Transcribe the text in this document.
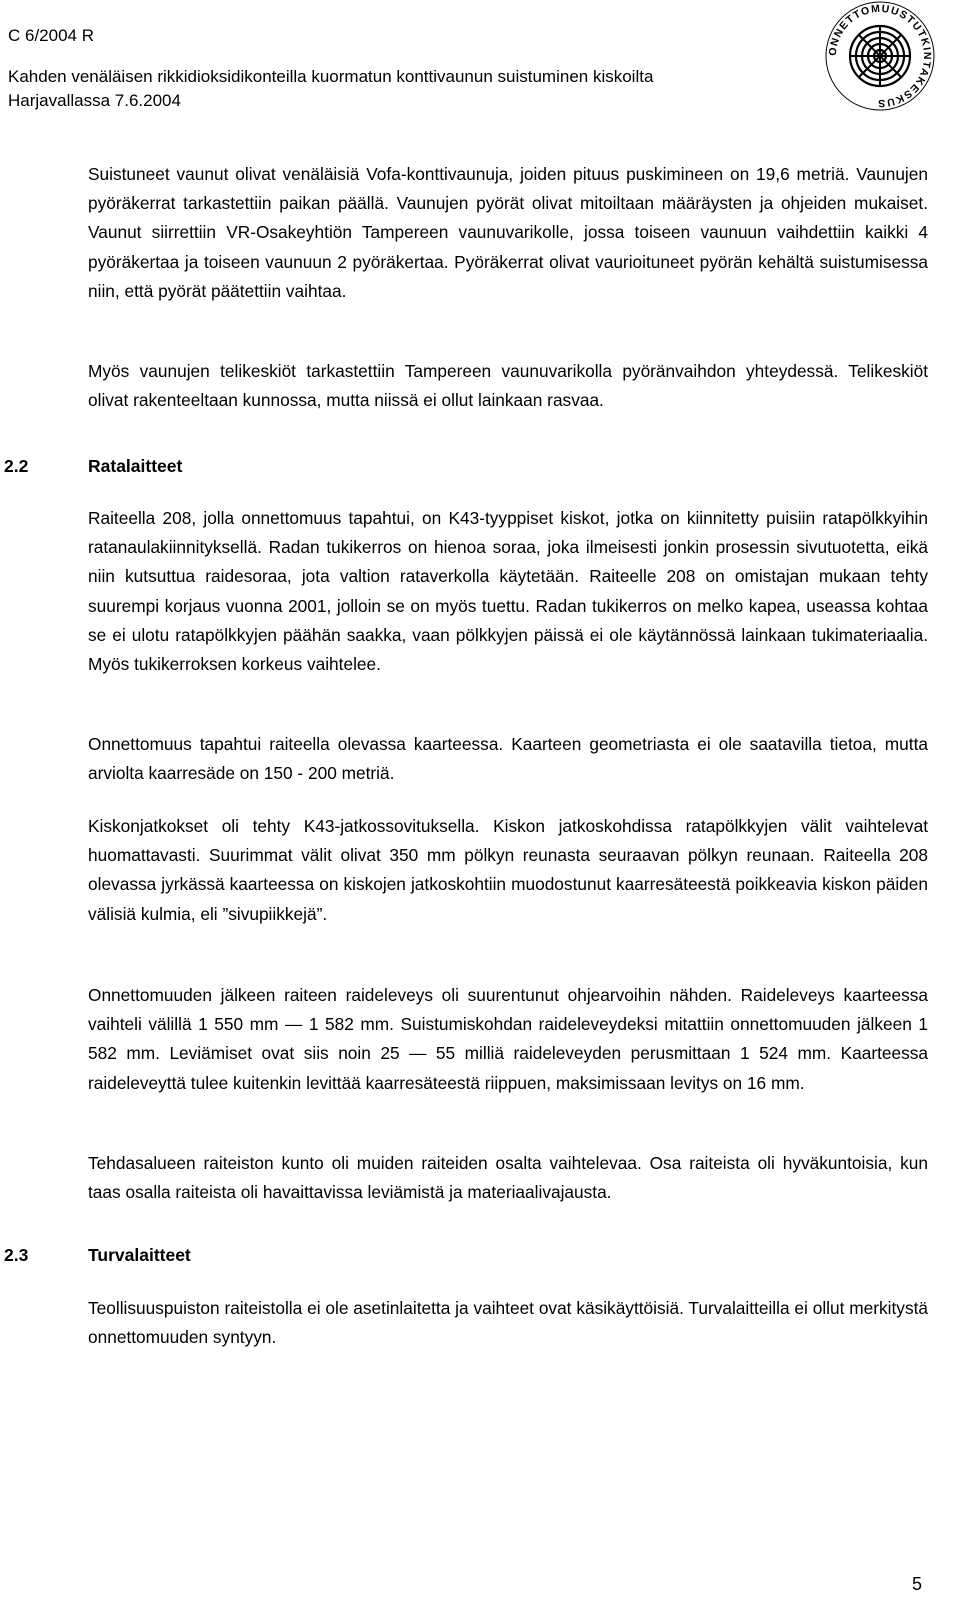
C 6/2004 R
Kahden venäläisen rikkidioksidikonteilla kuormatun konttivaunun suistuminen kiskoilta
Harjavallassa 7.6.2004
ONNETTOMUUSTUTKINTAKESKUS

Suistuneet vaunut olivat venäläisiä Vofa-konttivaunuja, joiden pituus puskimineen on 19,6 metriä. Vaunujen pyöräkerrat tarkastettiin paikan päällä. Vaunujen pyörät olivat mitoiltaan määräysten ja ohjeiden mukaiset. Vaunut siirrettiin VR-Osakeyhtiön Tampereen vaunuvarikolle, jossa toiseen vaunuun vaihdettiin kaikki 4 pyöräkertaa ja toiseen vaunuun 2 pyöräkertaa. Pyöräkerrat olivat vaurioituneet pyörän kehältä suistumisessa niin, että pyörät päätettiin vaihtaa.

Myös vaunujen telikeskiöt tarkastettiin Tampereen vaunuvarikolla pyöränvaihdon yhteydessä. Telikeskiöt olivat rakenteeltaan kunnossa, mutta niissä ei ollut lainkaan rasvaa.

2.2	Ratalaitteet

Raiteella 208, jolla onnettomuus tapahtui, on K43-tyyppiset kiskot, jotka on kiinnitetty puisiin ratapölkkyihin ratanaulakiinnityksellä. Radan tukikerros on hienoa soraa, joka ilmeisesti jonkin prosessin sivutuotetta, eikä niin kutsuttua raidesoraa, jota valtion rataverkolla käytetään. Raiteelle 208 on omistajan mukaan tehty suurempi korjaus vuonna 2001, jolloin se on myös tuettu. Radan tukikerros on melko kapea, useassa kohtaa se ei ulotu ratapölkkyjen päähän saakka, vaan pölkkyjen päissä ei ole käytännössä lainkaan tukimateriaalia. Myös tukikerroksen korkeus vaihtelee.

Onnettomuus tapahtui raiteella olevassa kaarteessa. Kaarteen geometriasta ei ole saatavilla tietoa, mutta arviolta kaarresäde on 150 - 200 metriä.

Kiskonjatkokset oli tehty K43-jatkossovituksella. Kiskon jatkoskohdissa ratapölkkyjen välit vaihtelevat huomattavasti. Suurimmat välit olivat 350 mm pölkyn reunasta seuraavan pölkyn reunaan. Raiteella 208 olevassa jyrkässä kaarteessa on kiskojen jatkoskohtiin muodostunut kaarresäteestä poikkeavia kiskon päiden välisiä kulmia, eli ”sivupiikkejä”.

Onnettomuuden jälkeen raiteen raideleveys oli suurentunut ohjearvoihin nähden. Raideleveys kaarteessa vaihteli välillä 1 550 mm — 1 582 mm. Suistumiskohdan raideleveydeksi mitattiin onnettomuuden jälkeen 1 582 mm. Leviämiset ovat siis noin 25 — 55 milliä raideleveyden perusmittaan 1 524 mm. Kaarteessa raideleveyttä tulee kuitenkin levittää kaarresäteestä riippuen, maksimissaan levitys on 16 mm.

Tehdasalueen raiteiston kunto oli muiden raiteiden osalta vaihtelevaa. Osa raiteista oli hyväkuntoisia, kun taas osalla raiteista oli havaittavissa leviämistä ja materiaalivajausta.

2.3	Turvalaitteet

Teollisuuspuiston raiteistolla ei ole asetinlaitetta ja vaihteet ovat käsikäyttöisiä. Turvalaitteilla ei ollut merkitystä onnettomuuden syntyyn.

5
